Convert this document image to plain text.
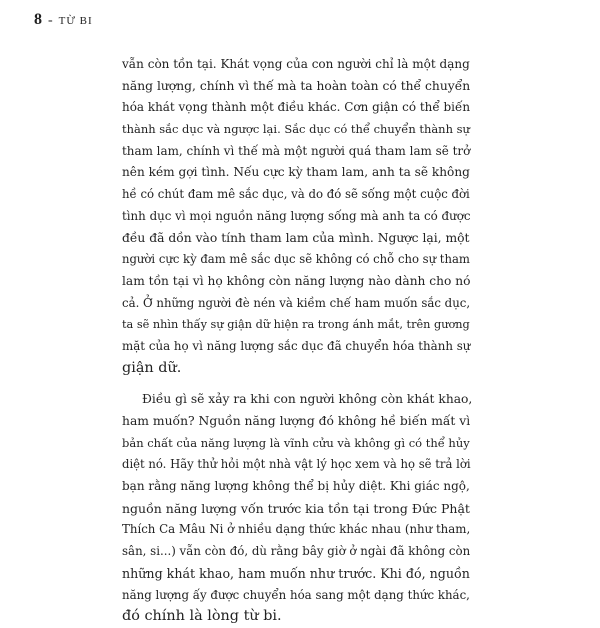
8 - TỪ BI
vẫn còn tồn tại. Khát vọng của con người chỉ là một dạng
năng lượng, chính vì thế mà ta hoàn toàn có thể chuyển
hóa khát vọng thành một điều khác. Cơn giận có thể biến
thành sắc dục và ngược lại. Sắc dục có thể chuyển thành sự
tham lam, chính vì thế mà một người quá tham lam sẽ trở
nên kém gợi tình. Nếu cực kỳ tham lam, anh ta sẽ không
hề có chút đam mê sắc dục, và do đó sẽ sống một cuộc đời
tình dục vì mọi nguồn năng lượng sống mà anh ta có được
đều đã dồn vào tính tham lam của mình. Ngược lại, một
người cực kỳ đam mê sắc dục sẽ không có chỗ cho sự tham
lam tồn tại vì họ không còn năng lượng nào dành cho nó
cả. Ở những người đè nén và kiềm chế ham muốn sắc dục,
ta sẽ nhìn thấy sự giận dữ hiện ra trong ánh mắt, trên gương
mặt của họ vì năng lượng sắc dục đã chuyển hóa thành sự
giận dữ.
Điều gì sẽ xảy ra khi con người không còn khát khao,
ham muốn? Nguồn năng lượng đó không hề biến mất vì
bản chất của năng lượng là vĩnh cửu và không gì có thể hủy
diệt nó. Hãy thử hỏi một nhà vật lý học xem và họ sẽ trả lời
bạn rằng năng lượng không thể bị hủy diệt. Khi giác ngộ,
nguồn năng lượng vốn trước kia tồn tại trong Đức Phật
Thích Ca Mâu Ni ở nhiều dạng thức khác nhau (như tham,
sân, si...) vẫn còn đó, dù rằng bây giờ ở ngài đã không còn
những khát khao, ham muốn như trước. Khi đó, nguồn
năng lượng ấy được chuyển hóa sang một dạng thức khác,
đó chính là lòng từ bi.
